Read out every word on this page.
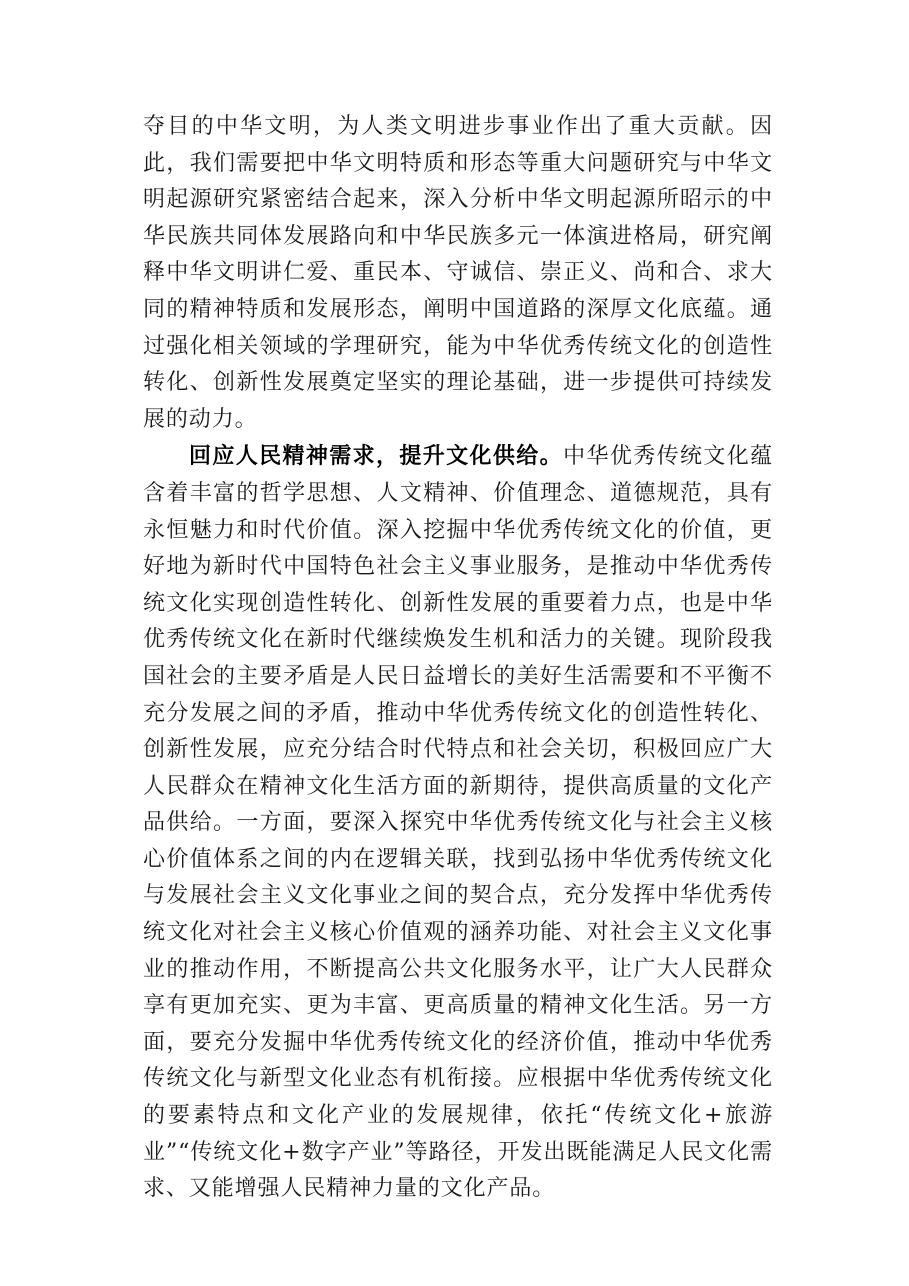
夺目的中华文明，为人类文明进步事业作出了重大贡献。因此，我们需要把中华文明特质和形态等重大问题研究与中华文明起源研究紧密结合起来，深入分析中华文明起源所昭示的中华民族共同体发展路向和中华民族多元一体演进格局，研究阐释中华文明讲仁爱、重民本、守诚信、崇正义、尚和合、求大同的精神特质和发展形态，阐明中国道路的深厚文化底蕴。通过强化相关领域的学理研究，能为中华优秀传统文化的创造性转化、创新性发展奠定坚实的理论基础，进一步提供可持续发展的动力。

回应人民精神需求，提升文化供给。中华优秀传统文化蕴含着丰富的哲学思想、人文精神、价值理念、道德规范，具有永恒魅力和时代价值。深入挖掘中华优秀传统文化的价值，更好地为新时代中国特色社会主义事业服务，是推动中华优秀传统文化实现创造性转化、创新性发展的重要着力点，也是中华优秀传统文化在新时代继续焕发生机和活力的关键。现阶段我国社会的主要矛盾是人民日益增长的美好生活需要和不平衡不充分发展之间的矛盾，推动中华优秀传统文化的创造性转化、创新性发展，应充分结合时代特点和社会关切，积极回应广大人民群众在精神文化生活方面的新期待，提供高质量的文化产品供给。一方面，要深入探究中华优秀传统文化与社会主义核心价值体系之间的内在逻辑关联，找到弘扬中华优秀传统文化与发展社会主义文化事业之间的契合点，充分发挥中华优秀传统文化对社会主义核心价值观的涵养功能、对社会主义文化事业的推动作用，不断提高公共文化服务水平，让广大人民群众享有更加充实、更为丰富、更高质量的精神文化生活。另一方面，要充分发掘中华优秀传统文化的经济价值，推动中华优秀传统文化与新型文化业态有机衔接。应根据中华优秀传统文化的要素特点和文化产业的发展规律，依托“传统文化+旅游业”“传统文化+数字产业”等路径，开发出既能满足人民文化需求、又能增强人民精神力量的文化产品。
